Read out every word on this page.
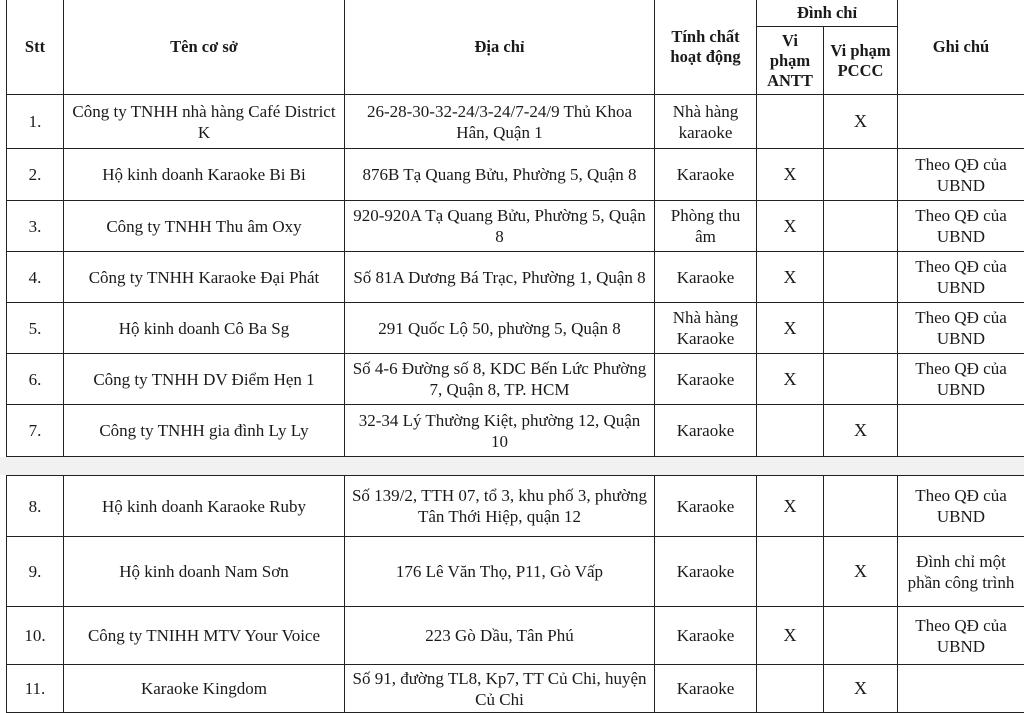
Stt	Tên cơ sở	Địa chỉ	Tính chất hoạt động	Đình chỉ		Ghi chú
				Vi phạm ANTT	Vi phạm PCCC	
1.	Công ty TNHH nhà hàng Café District K	26-28-30-32-24/3-24/7-24/9 Thủ Khoa Hân, Quận 1	Nhà hàng karaoke		X	
2.	Hộ kinh doanh Karaoke Bi Bi	876B Tạ Quang Bửu, Phường 5, Quận 8	Karaoke	X		Theo QĐ của UBND
3.	Công ty TNHH Thu âm Oxy	920-920A Tạ Quang Bửu, Phường 5, Quận 8	Phòng thu âm	X		Theo QĐ của UBND
4.	Công ty TNHH Karaoke Đại Phát	Số 81A Dương Bá Trạc, Phường 1, Quận 8	Karaoke	X		Theo QĐ của UBND
5.	Hộ kinh doanh Cô Ba Sg	291 Quốc Lộ 50, phường 5, Quận 8	Nhà hàng Karaoke	X		Theo QĐ của UBND
6.	Công ty TNHH DV Điểm Hẹn 1	Số 4-6 Đường số 8, KDC Bến Lức Phường 7, Quận 8, TP. HCM	Karaoke	X		Theo QĐ của UBND
7.	Công ty TNHH gia đình Ly Ly	32-34 Lý Thường Kiệt, phường 12, Quận 10	Karaoke		X	
8.	Hộ kinh doanh Karaoke Ruby	Số 139/2, TTH 07, tổ 3, khu phố 3, phường Tân Thới Hiệp, quận 12	Karaoke	X		Theo QĐ của UBND
9.	Hộ kinh doanh Nam Sơn	176 Lê Văn Thọ, P11, Gò Vấp	Karaoke		X	Đình chỉ một phần công trình
10.	Công ty TNIHH MTV Your Voice	223 Gò Dầu, Tân Phú	Karaoke	X		Theo QĐ của UBND
11.	Karaoke Kingdom	Số 91, đường TL8, Kp7, TT Củ Chi, huyện Củ Chi	Karaoke		X	
